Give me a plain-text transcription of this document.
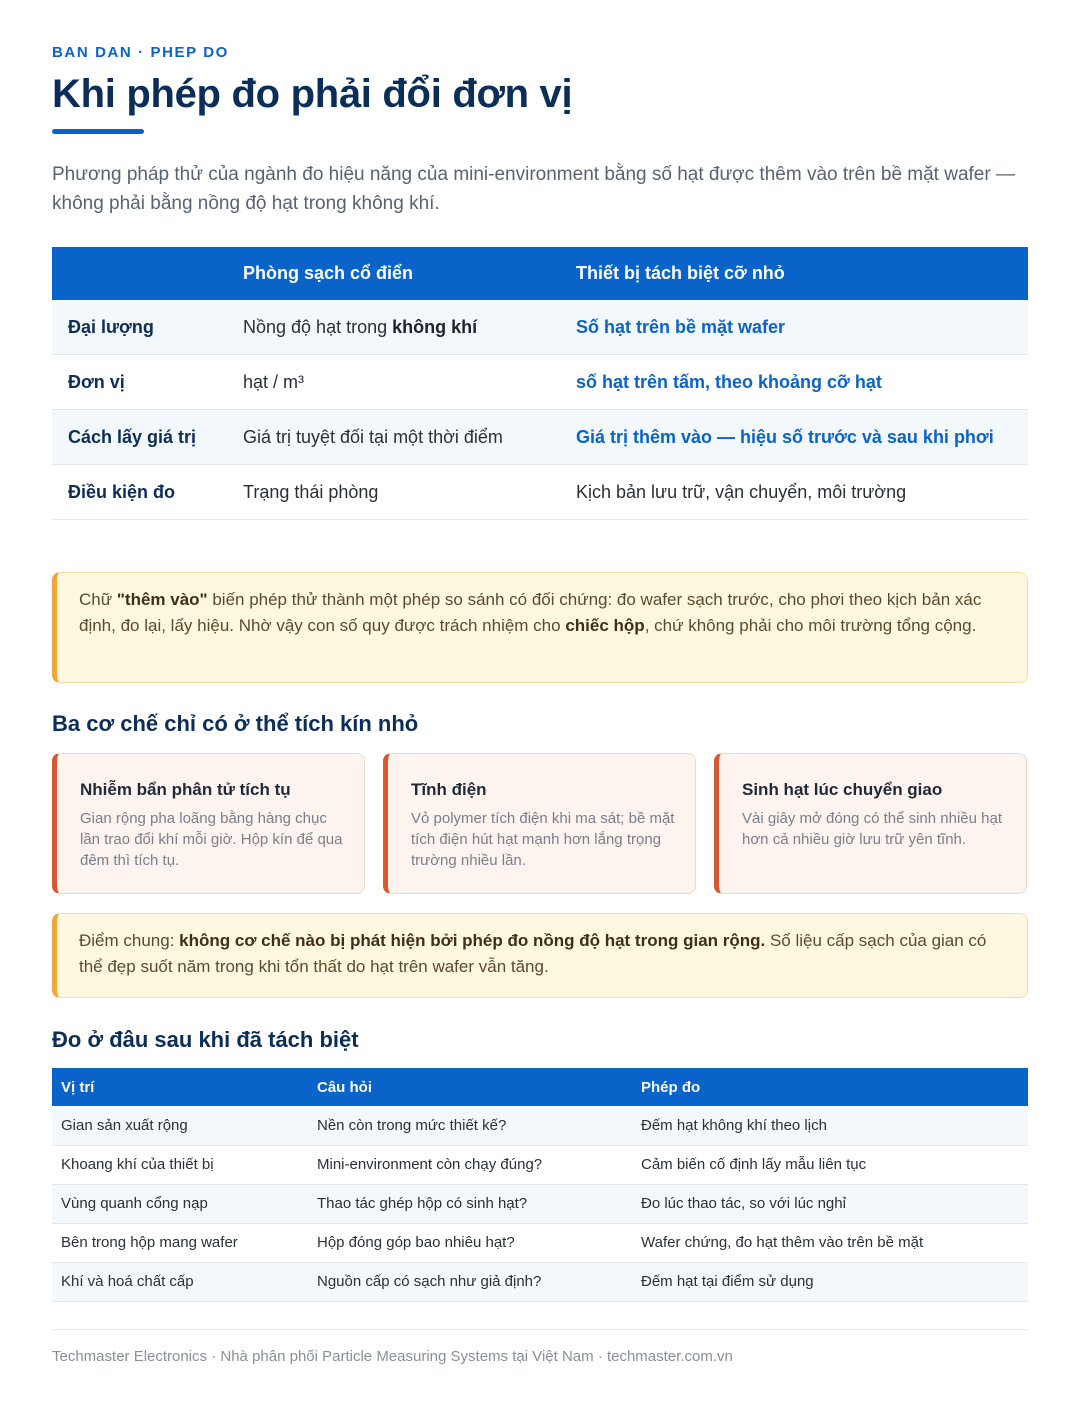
BAN DAN · PHEP DO
Khi phép đo phải đổi đơn vị

Phương pháp thử của ngành đo hiệu năng của mini-environment bằng số hạt được thêm vào trên bề mặt wafer — không phải bằng nồng độ hạt trong không khí.

	Phòng sạch cổ điển	Thiết bị tách biệt cỡ nhỏ
Đại lượng	Nồng độ hạt trong không khí	Số hạt trên bề mặt wafer
Đơn vị	hạt / m³	số hạt trên tấm, theo khoảng cỡ hạt
Cách lấy giá trị	Giá trị tuyệt đối tại một thời điểm	Giá trị thêm vào — hiệu số trước và sau khi phơi
Điều kiện đo	Trạng thái phòng	Kịch bản lưu trữ, vận chuyển, môi trường
Chữ "thêm vào" biến phép thử thành một phép so sánh có đối chứng: đo wafer sạch trước, cho phơi theo kịch bản xác định, đo lại, lấy hiệu. Nhờ vậy con số quy được trách nhiệm cho chiếc hộp, chứ không phải cho môi trường tổng cộng.
Ba cơ chế chỉ có ở thể tích kín nhỏ
Nhiễm bẩn phân tử tích tụ
Gian rộng pha loãng bằng hàng chục lần trao đổi khí mỗi giờ. Hộp kín để qua đêm thì tích tụ.
Tĩnh điện
Vỏ polymer tích điện khi ma sát; bề mặt tích điện hút hạt mạnh hơn lắng trọng trường nhiều lần.
Sinh hạt lúc chuyển giao
Vài giây mở đóng có thể sinh nhiều hạt hơn cả nhiều giờ lưu trữ yên tĩnh.
Điểm chung: không cơ chế nào bị phát hiện bởi phép đo nồng độ hạt trong gian rộng. Số liệu cấp sạch của gian có thể đẹp suốt năm trong khi tổn thất do hạt trên wafer vẫn tăng.
Đo ở đâu sau khi đã tách biệt
Vị trí	Câu hỏi	Phép đo
Gian sản xuất rộng	Nền còn trong mức thiết kế?	Đếm hạt không khí theo lịch
Khoang khí của thiết bị	Mini-environment còn chạy đúng?	Cảm biến cố định lấy mẫu liên tục
Vùng quanh cổng nạp	Thao tác ghép hộp có sinh hạt?	Đo lúc thao tác, so với lúc nghỉ
Bên trong hộp mang wafer	Hộp đóng góp bao nhiêu hạt?	Wafer chứng, đo hạt thêm vào trên bề mặt
Khí và hoá chất cấp	Nguồn cấp có sạch như giả định?	Đếm hạt tại điểm sử dụng
Techmaster Electronics · Nhà phân phối Particle Measuring Systems tại Việt Nam · techmaster.com.vn
